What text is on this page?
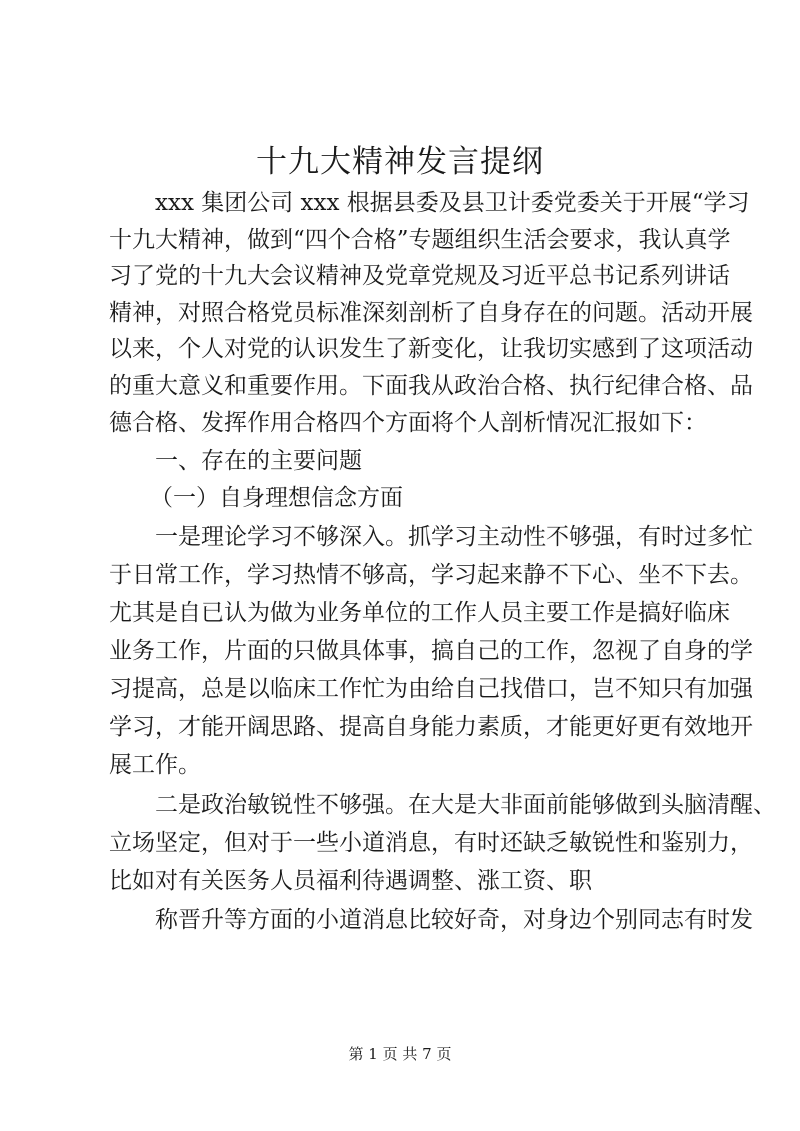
十九大精神发言提纲
xxx 集团公司 xxx 根据县委及县卫计委党委关于开展“学习
十九大精神，做到“四个合格”专题组织生活会要求，我认真学
习了党的十九大会议精神及党章党规及习近平总书记系列讲话
精神，对照合格党员标准深刻剖析了自身存在的问题。活动开展
以来，个人对党的认识发生了新变化，让我切实感到了这项活动
的重大意义和重要作用。下面我从政治合格、执行纪律合格、品
德合格、发挥作用合格四个方面将个人剖析情况汇报如下：
一、存在的主要问题
（一）自身理想信念方面
一是理论学习不够深入。抓学习主动性不够强，有时过多忙
于日常工作，学习热情不够高，学习起来静不下心、坐不下去。
尤其是自已认为做为业务单位的工作人员主要工作是搞好临床
业务工作，片面的只做具体事，搞自己的工作，忽视了自身的学
习提高，总是以临床工作忙为由给自己找借口，岂不知只有加强
学习，才能开阔思路、提高自身能力素质，才能更好更有效地开
展工作。
二是政治敏锐性不够强。在大是大非面前能够做到头脑清醒、
立场坚定，但对于一些小道消息，有时还缺乏敏锐性和鉴别力，
比如对有关医务人员福利待遇调整、涨工资、职
称晋升等方面的小道消息比较好奇，对身边个别同志有时发
第 1 页 共 7 页
